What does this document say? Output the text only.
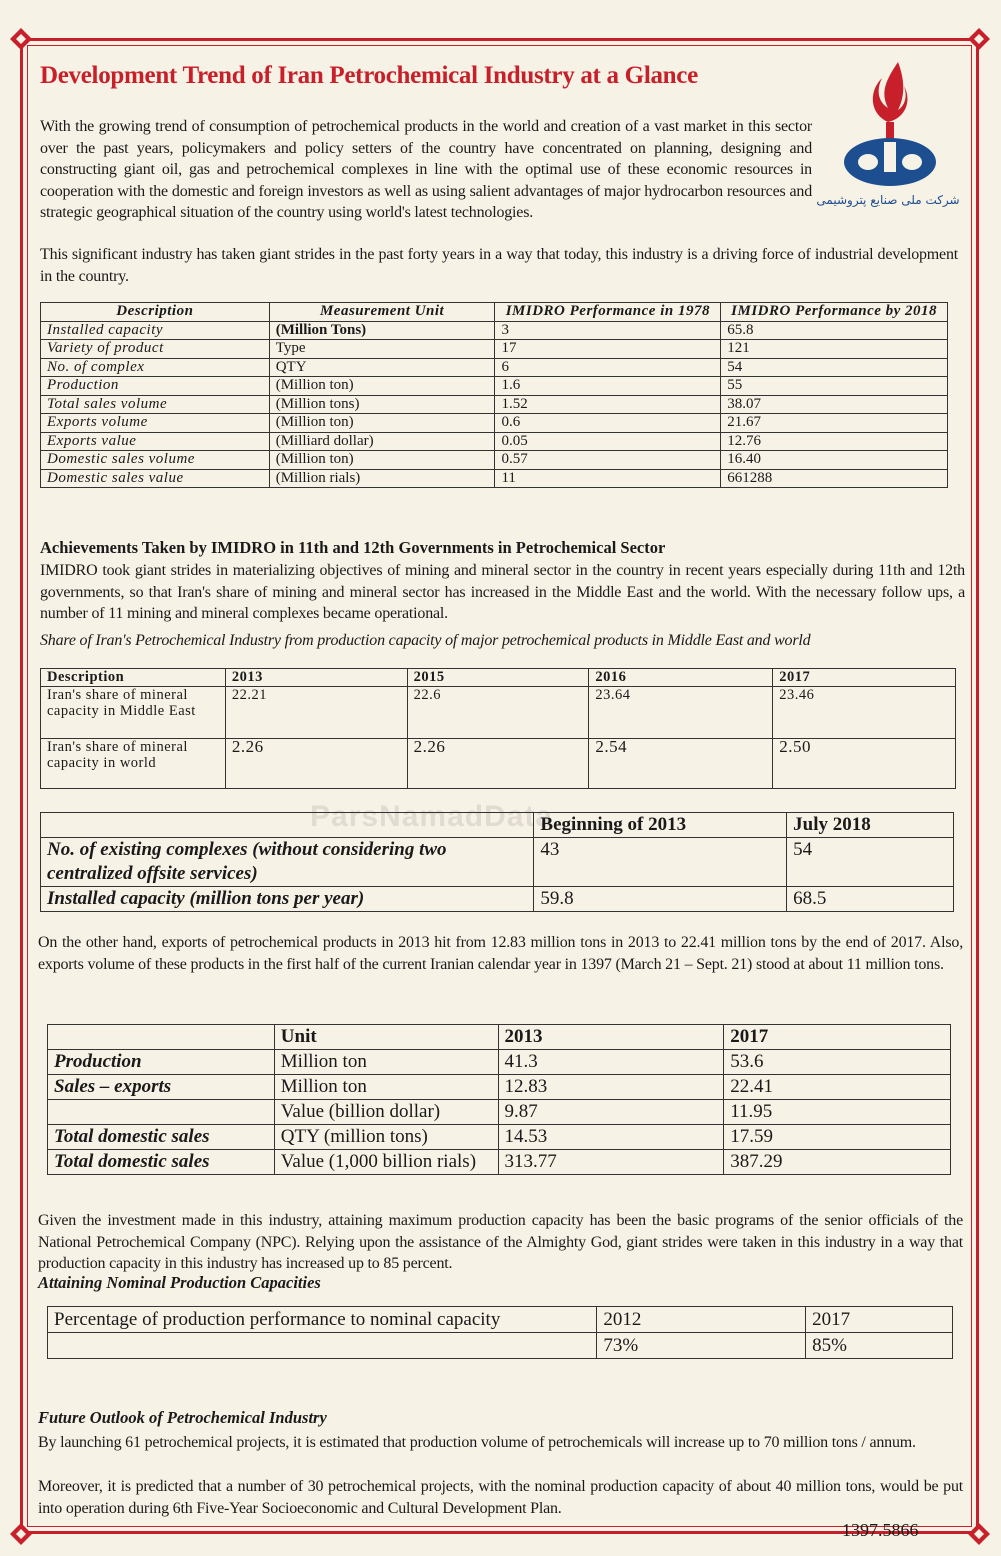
Development Trend of Iran Petrochemical Industry at a Glance
شرکت ملی صنایع پتروشیمی

With the growing trend of consumption of petrochemical products in the world and creation of a vast market in this sector over the past years, policymakers and policy setters of the country have concentrated on planning, designing and constructing giant oil, gas and petrochemical complexes in line with the optimal use of these economic resources in cooperation with the domestic and foreign investors as well as using salient advantages of major hydrocarbon resources and strategic geographical situation of the country using world's latest technologies.

This significant industry has taken giant strides in the past forty years in a way that today, this industry is a driving force of industrial development in the country.

Description	Measurement Unit	IMIDRO Performance in 1978	IMIDRO Performance by 2018
Installed capacity	(Million Tons)	3	65.8
Variety of product	Type	17	121
No. of complex	QTY	6	54
Production	(Million ton)	1.6	55
Total sales volume	(Million tons)	1.52	38.07
Exports volume	(Million ton)	0.6	21.67
Exports value	(Milliard dollar)	0.05	12.76
Domestic sales volume	(Million ton)	0.57	16.40
Domestic sales value	(Million rials)	11	661288
Achievements Taken by IMIDRO in 11th and 12th Governments in Petrochemical Sector

IMIDRO took giant strides in materializing objectives of mining and mineral sector in the country in recent years especially during 11th and 12th governments, so that Iran's share of mining and mineral sector has increased in the Middle East and the world. With the necessary follow ups, a number of 11 mining and mineral complexes became operational.

Share of Iran's Petrochemical Industry from production capacity of major petrochemical products in Middle East and world

Description	2013	2015	2016	2017
Iran's share of mineral capacity in Middle East	22.21	22.6	23.64	23.46
Iran's share of mineral capacity in world	2.26	2.26	2.54	2.50
ParsNamadData
	Beginning of 2013	July 2018
No. of existing complexes (without considering two centralized offsite services)	43	54
Installed capacity (million tons per year)	59.8	68.5

On the other hand, exports of petrochemical products in 2013 hit from 12.83 million tons in 2013 to 22.41 million tons by the end of 2017. Also, exports volume of these products in the first half of the current Iranian calendar year in 1397 (March 21 – Sept. 21) stood at about 11 million tons.

	Unit	2013	2017
Production	Million ton	41.3	53.6
Sales – exports	Million ton	12.83	22.41
	Value (billion dollar)	9.87	11.95
Total domestic sales	QTY (million tons)	14.53	17.59
Total domestic sales	Value (1,000 billion rials)	313.77	387.29

Given the investment made in this industry, attaining maximum production capacity has been the basic programs of the senior officials of the National Petrochemical Company (NPC). Relying upon the assistance of the Almighty God, giant strides were taken in this industry in a way that production capacity in this industry has increased up to 85 percent.

Attaining Nominal Production Capacities
Percentage of production performance to nominal capacity	2012	2017
	73%	85%
Future Outlook of Petrochemical Industry

By launching 61 petrochemical projects, it is estimated that production volume of petrochemicals will increase up to 70 million tons / annum.

Moreover, it is predicted that a number of 30 petrochemical projects, with the nominal production capacity of about 40 million tons, would be put into operation during 6th Five-Year Socioeconomic and Cultural Development Plan.

1397.5866
